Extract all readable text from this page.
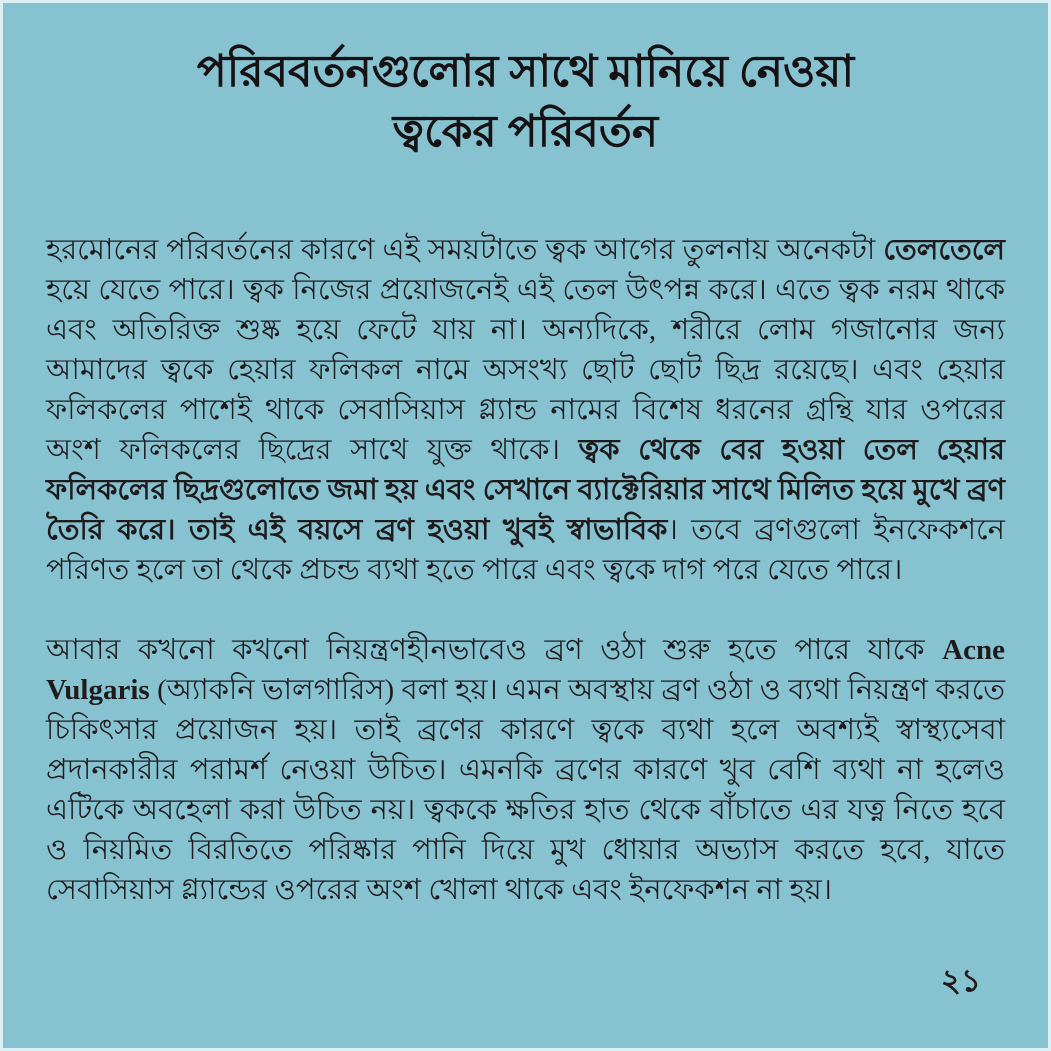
পরিববর্তনগুলোর সাথে মানিয়ে নেওয়া
ত্বকের পরিবর্তন

হরমোনের পরিবর্তনের কারণে এই সময়টাতে ত্বক আগের তুলনায় অনেকটা তেলতেলে হয়ে যেতে পারে। ত্বক নিজের প্রয়োজনেই এই তেল উৎপন্ন করে। এতে ত্বক নরম থাকে এবং অতিরিক্ত শুষ্ক হয়ে ফেটে যায় না। অন্যদিকে, শরীরে লোম গজানোর জন্য আমাদের ত্বকে হেয়ার ফলিকল নামে অসংখ্য ছোট ছোট ছিদ্র রয়েছে। এবং হেয়ার ফলিকলের পাশেই থাকে সেবাসিয়াস গ্ল্যান্ড নামের বিশেষ ধরনের গ্রন্থি যার ওপরের অংশ ফলিকলের ছিদ্রের সাথে যুক্ত থাকে। ত্বক থেকে বের হওয়া তেল হেয়ার ফলিকলের ছিদ্রগুলোতে জমা হয় এবং সেখানে ব্যাক্টেরিয়ার সাথে মিলিত হয়ে মুখে ব্রণ তৈরি করে। তাই এই বয়সে ব্রণ হওয়া খুবই স্বাভাবিক। তবে ব্রণগুলো ইনফেকশনে পরিণত হলে তা থেকে প্রচন্ড ব্যথা হতে পারে এবং ত্বকে দাগ পরে যেতে পারে।

আবার কখনো কখনো নিয়ন্ত্রণহীনভাবেও ব্রণ ওঠা শুরু হতে পারে যাকে Acne Vulgaris (অ্যাকনি ভালগারিস) বলা হয়। এমন অবস্থায় ব্রণ ওঠা ও ব্যথা নিয়ন্ত্রণ করতে চিকিৎসার প্রয়োজন হয়। তাই ব্রণের কারণে ত্বকে ব্যথা হলে অবশ্যই স্বাস্থ্যসেবা প্রদানকারীর পরামর্শ নেওয়া উচিত। এমনকি ব্রণের কারণে খুব বেশি ব্যথা না হলেও এটিকে অবহেলা করা উচিত নয়। ত্বককে ক্ষতির হাত থেকে বাঁচাতে এর যত্ন নিতে হবে ও নিয়মিত বিরতিতে পরিষ্কার পানি দিয়ে মুখ ধোয়ার অভ্যাস করতে হবে, যাতে সেবাসিয়াস গ্ল্যান্ডের ওপরের অংশ খোলা থাকে এবং ইনফেকশন না হয়।

২১
